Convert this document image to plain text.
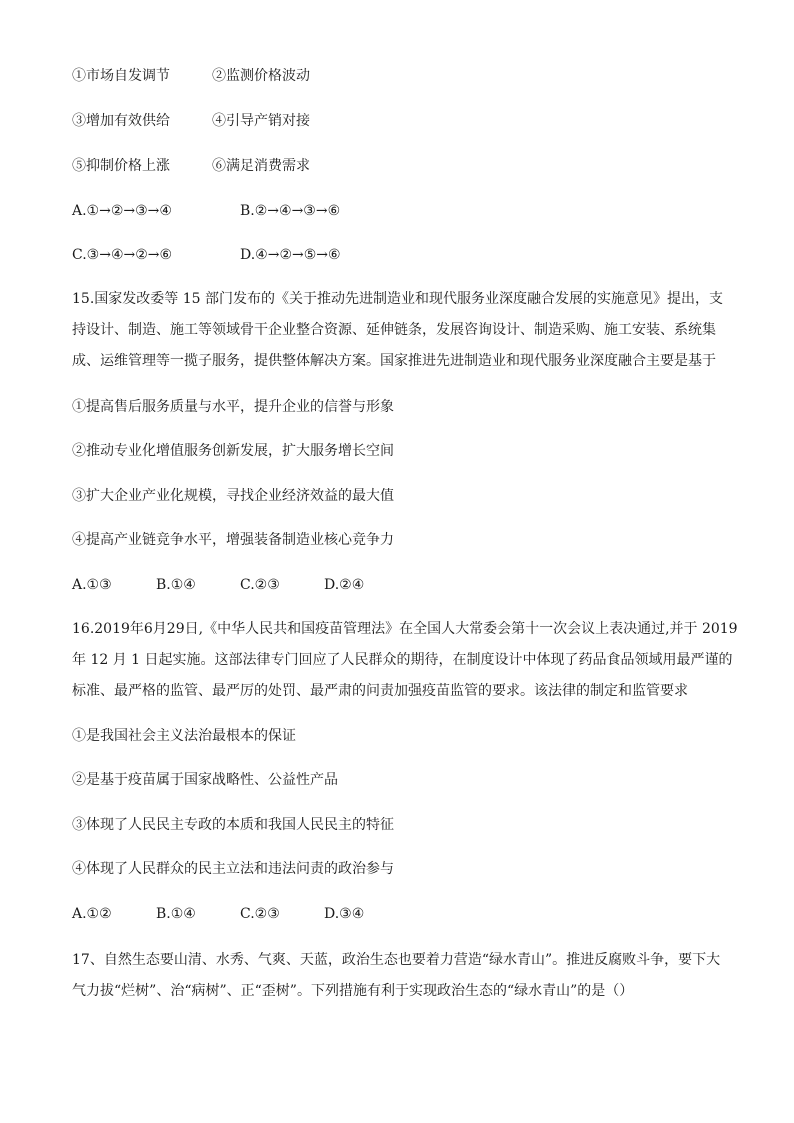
①市场自发调节	②监测价格波动
③增加有效供给	④引导产销对接
⑤抑制价格上涨	⑥满足消费需求
A.①→②→③→④	B.②→④→③→⑥
C.③→④→②→⑥	D.④→②→⑤→⑥
15.国家发改委等 15 部门发布的《关于推动先进制造业和现代服务业深度融合发展的实施意见》提出，支
持设计、制造、施工等领域骨干企业整合资源、延伸链条，发展咨询设计、制造采购、施工安装、系统集
成、运维管理等一揽子服务，提供整体解决方案。国家推进先进制造业和现代服务业深度融合主要是基于
①提高售后服务质量与水平，提升企业的信誉与形象
②推动专业化增值服务创新发展，扩大服务增长空间
③扩大企业产业化规模，寻找企业经济效益的最大值
④提高产业链竞争水平，增强装备制造业核心竞争力
A.①③	B.①④	C.②③	D.②④
16.2019年6月29日,《中华人民共和国疫苗管理法》在全国人大常委会第十一次会议上表决通过,并于 2019
年 12 月 1 日起实施。这部法律专门回应了人民群众的期待，在制度设计中体现了药品食品领域用最严谨的
标准、最严格的监管、最严厉的处罚、最严肃的问责加强疫苗监管的要求。该法律的制定和监管要求
①是我国社会主义法治最根本的保证
②是基于疫苗属于国家战略性、公益性产品
③体现了人民民主专政的本质和我国人民民主的特征
④体现了人民群众的民主立法和违法问责的政治参与
A.①②	B.①④	C.②③	D.③④
17、自然生态要山清、水秀、气爽、天蓝，政治生态也要着力营造“绿水青山”。推进反腐败斗争，要下大
气力拔“烂树”、治“病树”、正“歪树”。下列措施有利于实现政治生态的“绿水青山”的是（）
